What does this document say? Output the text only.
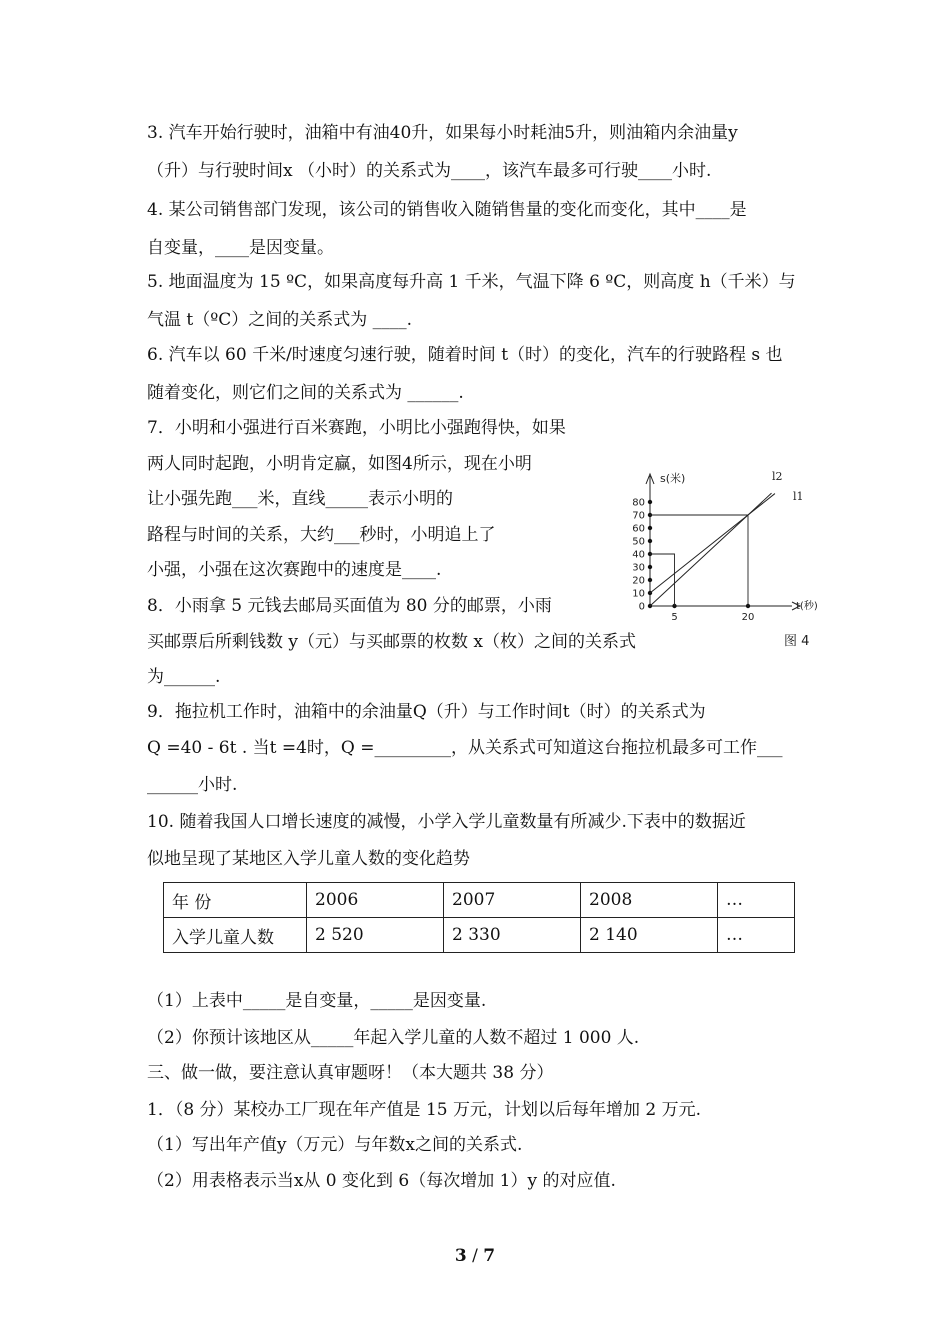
3. 汽车开始行驶时，油箱中有油40升，如果每小时耗油5升，则油箱内余油量y
（升）与行驶时间x （小时）的关系式为____，该汽车最多可行驶____小时.
4. 某公司销售部门发现，该公司的销售收入随销售量的变化而变化，其中____是
自变量，____是因变量。
5. 地面温度为 15 ºC，如果高度每升高 1 千米，气温下降 6 ºC，则高度 h（千米）与
气温 t（ºC）之间的关系式为 ____.
6. 汽车以 60 千米/时速度匀速行驶，随着时间 t（时）的变化，汽车的行驶路程 s 也
随着变化，则它们之间的关系式为 ______.
7．小明和小强进行百米赛跑，小明比小强跑得快，如果
两人同时起跑，小明肯定赢，如图4所示，现在小明
让小强先跑___米，直线_____表示小明的
路程与时间的关系，大约___秒时，小明追上了
小强，小强在这次赛跑中的速度是____.
8．小雨拿 5 元钱去邮局买面值为 80 分的邮票，小雨
买邮票后所剩钱数 y（元）与买邮票的枚数 x（枚）之间的关系式
为______.
9．拖拉机工作时，油箱中的余油量Q（升）与工作时间t（时）的关系式为
Q =40 - 6t . 当t =4时，Q =_________，从关系式可知道这台拖拉机最多可工作___
______小时.
10. 随着我国人口增长速度的减慢，小学入学儿童数量有所减少.下表中的数据近
似地呈现了某地区入学儿童人数的变化趋势
年 份	2006	2007	2008	…
入学儿童人数	2 520	2 330	2 140	…
（1）上表中_____是自变量，_____是因变量.
（2）你预计该地区从_____年起入学儿童的人数不超过 1 000 人.
三、做一做，要注意认真审题呀！（本大题共 38 分）
1．（8 分）某校办工厂现在年产值是 15 万元，计划以后每年增加 2 万元.
（1）写出年产值y（万元）与年数x之间的关系式.
（2）用表格表示当x从 0 变化到 6（每次增加 1）y 的对应值.
s(米)
t(秒)
0
10
20
30
40
50
60
70
80
5	20
l2
l1
图 4
3 / 7
